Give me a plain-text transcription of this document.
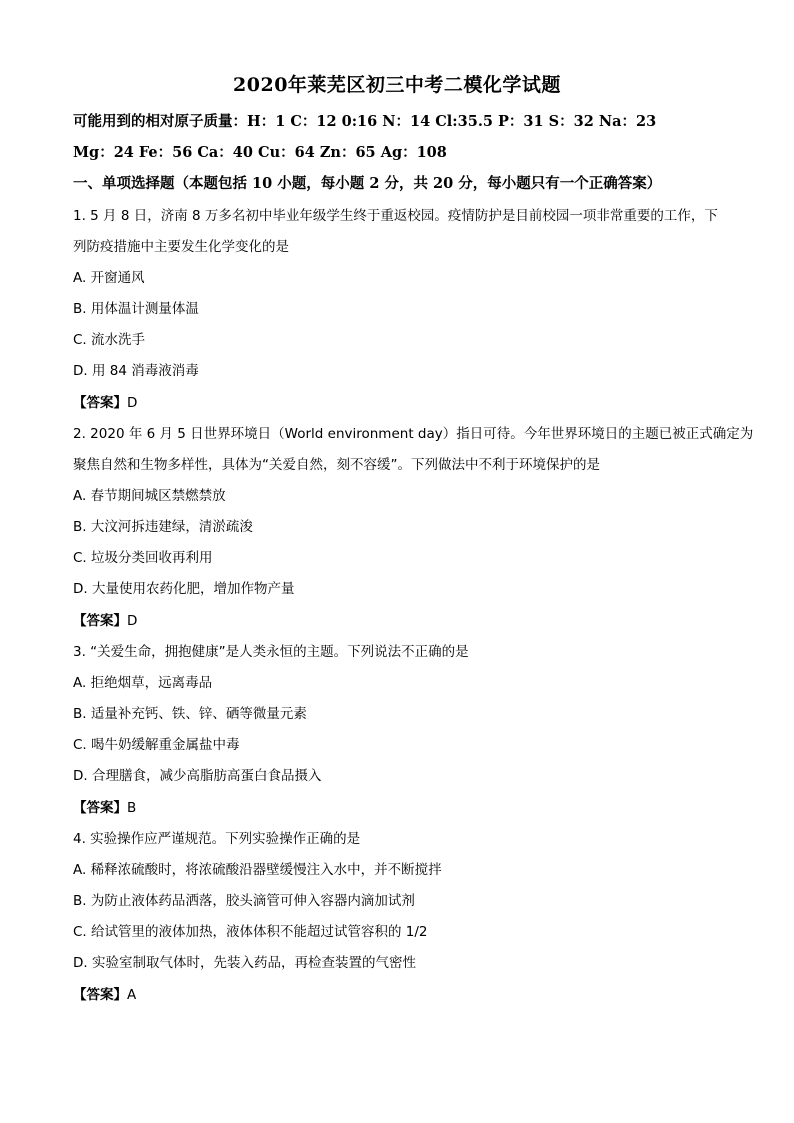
2020年莱芜区初三中考二模化学试题
可能用到的相对原子质量：H：1 C：12 0:16 N：14 Cl:35.5 P：31 S：32 Na：23
Mg：24 Fe：56 Ca：40 Cu：64 Zn：65 Ag：108
一、单项选择题（本题包括 10 小题，每小题 2 分，共 20 分，每小题只有一个正确答案）
1. 5 月 8 日，济南 8 万多名初中毕业年级学生终于重返校园。疫情防护是目前校园一项非常重要的工作，下
列防疫措施中主要发生化学变化的是
A. 开窗通风
B. 用体温计测量体温
C. 流水洗手
D. 用 84 消毒液消毒
【答案】D
2. 2020 年 6 月 5 日世界环境日（World environment day）指日可待。今年世界环境日的主题已被正式确定为
聚焦自然和生物多样性，具体为“关爱自然，刻不容缓”。下列做法中不利于环境保护的是
A. 春节期间城区禁燃禁放
B. 大汶河拆违建绿，清淤疏浚
C. 垃圾分类回收再利用
D. 大量使用农药化肥，增加作物产量
【答案】D
3. “关爱生命，拥抱健康”是人类永恒的主题。下列说法不正确的是
A. 拒绝烟草，远离毒品
B. 适量补充钙、铁、锌、硒等微量元素
C. 喝牛奶缓解重金属盐中毒
D. 合理膳食，减少高脂肪高蛋白食品摄入
【答案】B
4. 实验操作应严谨规范。下列实验操作正确的是
A. 稀释浓硫酸时，将浓硫酸沿器壁缓慢注入水中，并不断搅拌
B. 为防止液体药品洒落，胶头滴管可伸入容器内滴加试剂
C. 给试管里的液体加热，液体体积不能超过试管容积的 1/2
D. 实验室制取气体时，先装入药品，再检查装置的气密性
【答案】A
